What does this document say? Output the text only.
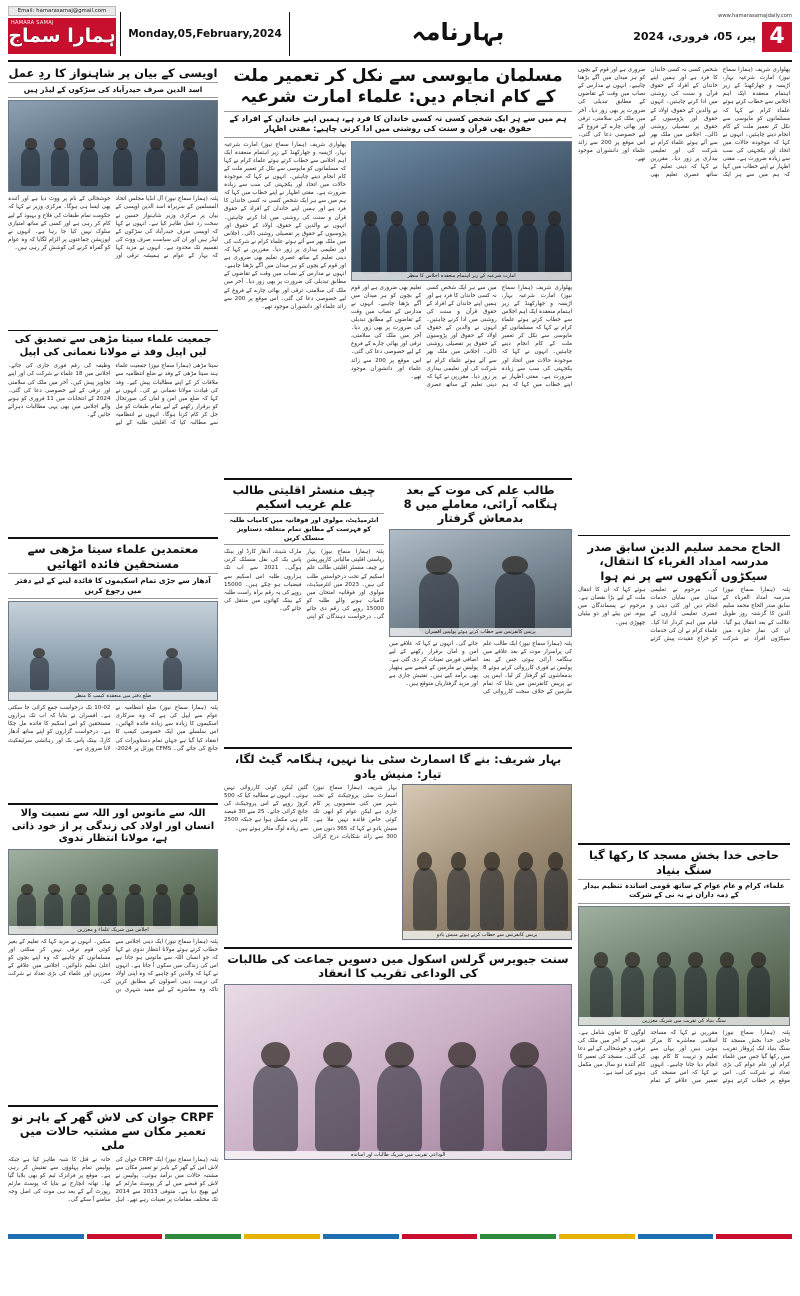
Email: hamarasamaj@gmail.com
HAMARA SAMAJ
ہمارا سماج	Monday,05,February,2024	بہارنامہ
www.hamarasamajdaily.com
پیر، 05، فروری، 2024 4
اویسی کے بیان پر شاہنواز کا ردِ عمل
اسد الدین صرف حیدرآباد کی سڑکوں کے لیڈر ہیں
پٹنہ (ہمارا سماج نیوز) آل انڈیا مجلس اتحاد المسلمین کے سربراہ اسد الدین اویسی کے بیان پر مرکزی وزیر شاہنواز حسین نے سخت رد عمل ظاہر کیا ہے۔ انہوں نے کہا کہ اویسی صرف حیدرآباد کی سڑکوں کے لیڈر ہیں اور ان کی سیاست صرف ووٹ کی تقسیم تک محدود ہے۔ انہوں نے مزید کہا کہ بہار کے عوام نے ہمیشہ ترقی اور خوشحالی کے نام پر ووٹ دیا ہے اور آئندہ بھی ایسا ہی ہوگا۔ مرکزی وزیر نے کہا کہ حکومت تمام طبقات کی فلاح و بہبود کے لیے کام کر رہی ہے اور کسی کے ساتھ امتیازی سلوک نہیں کیا جا رہا ہے۔ انہوں نے اپوزیشن جماعتوں پر الزام لگایا کہ وہ عوام کو گمراہ کرنے کی کوشش کر رہی ہیں۔
جمعیت علماء سیتا مڑھی سے تصدیق کی لیں اپیل وفد نے مولانا نعمانی کی اپیل
سیتا مڑھی (ہمارا سماج نیوز) جمعیت علماء ہند سیتا مڑھی کے وفد نے ضلع انتظامیہ سے ملاقات کر کے اپنے مطالبات پیش کیے۔ وفد کی قیادت مولانا نعمانی نے کی۔ انہوں نے کہا کہ ضلع میں امن و امان کی صورتحال کو برقرار رکھنے کے لیے تمام طبقات کو مل جل کر کام کرنا ہوگا۔ انہوں نے انتظامیہ سے مطالبہ کیا کہ اقلیتی طلبہ کے لیے وظیفہ کی رقم فوری جاری کی جائے۔ اجلاس میں 18 علماء نے شرکت کی اور اپنے تجاویز پیش کیں۔ آخر میں ملک کی سلامتی اور ترقی کے لیے خصوصی دعا کی گئی۔ 2024 کے انتخابات میں 11 فروری کو ہونے والے اجلاس میں بھی یہی مطالبات دہرائے جائیں گے۔
معتمدین علماء سیتا مڑھی سے مستحقین فائدہ اٹھائیں
آدھار سے جڑی تمام اسکیموں کا فائدہ لینے کے لیے دفتر میں رجوع کریں
ضلع دفتر میں منعقدہ کیمپ کا منظر
پٹنہ (ہمارا سماج نیوز) ضلع انتظامیہ نے عوام سے اپیل کی ہے کہ وہ سرکاری اسکیموں کا زیادہ سے زیادہ فائدہ اٹھائیں۔ اس سلسلے میں ایک خصوصی کیمپ کا انعقاد کیا گیا ہے جہاں تمام دستاویزات کی جانچ کی جائے گی۔ CFMS پورٹل پر 2024-02-10 تک درخواست جمع کرائی جا سکتی ہے۔ افسران نے بتایا کہ اب تک ہزاروں مستحقین کو اس اسکیم کا فائدہ مل چکا ہے۔ درخواست گزاروں کو اپنے ساتھ آدھار کارڈ، بینک پاس بک اور رہائشی سرٹیفکیٹ لانا ضروری ہے۔
اللہ سے مانوس اور اللہ سے نسبت والا انسان اور اولاد کی زندگی پر از خود ذاتی ہے، مولانا انتظار ندوی
اجلاس میں شریک علماء و معززین
پٹنہ (ہمارا سماج نیوز) ایک دینی اجلاس سے خطاب کرتے ہوئے مولانا انتظار ندوی نے کہا کہ جو انسان اللہ سے مانوس ہو جاتا ہے اس کی زندگی میں سکون آ جاتا ہے۔ انہوں نے کہا کہ والدین کو چاہیے کہ وہ اپنی اولاد کی تربیت دینی اصولوں کے مطابق کریں تاکہ وہ معاشرے کے لیے مفید شہری بن سکیں۔ انہوں نے مزید کہا کہ تعلیم کے بغیر کوئی قوم ترقی نہیں کر سکتی اور مسلمانوں کو چاہیے کہ وہ اپنے بچوں کو اعلیٰ تعلیم دلوائیں۔ اجلاس میں علاقے کے معززین اور علماء کی بڑی تعداد نے شرکت کی۔
CRPF جوان کی لاش گھر کے باہر نو تعمیر مکان سے مشتبہ حالات میں ملی
پٹنہ (ہمارا سماج نیوز) ایک CRPF جوان کی لاش اس کے گھر کے باہر نو تعمیر مکان سے مشتبہ حالات میں برآمد ہوئی۔ پولیس نے لاش کو قبضے میں لے کر پوسٹ مارٹم کے لیے بھیج دیا ہے۔ متوفی 2013 سے 2014 تک مختلف مقامات پر تعینات رہے تھے۔ اہل خانہ نے قتل کا شبہ ظاہر کیا ہے جبکہ پولیس تمام پہلوؤں سے تفتیش کر رہی ہے۔ موقع پر فرانزک ٹیم کو بھی بلایا گیا تھا۔ تھانہ انچارج نے بتایا کہ پوسٹ مارٹم رپورٹ آنے کے بعد ہی موت کی اصل وجہ سامنے آ سکے گی۔
مسلمان مایوسی سے نکل کر تعمیر ملت کے کام انجام دیں: علماء امارت شرعیہ
ہم میں سے ہر ایک شخص کسی نہ کسی خاندان کا فرد ہے، ہمیں اپنے خاندان کے افراد کے حقوق بھی قرآن و سنت کی روشنی میں ادا کرنی چاہیے: مفتی اظہار
پھلواری شریف (ہمارا سماج نیوز) امارت شرعیہ بہار، اڑیسہ و جھارکھنڈ کے زیر اہتمام منعقدہ ایک اہم اجلاس سے خطاب کرتے ہوئے علماء کرام نے کہا کہ مسلمانوں کو مایوسی سے نکل کر تعمیر ملت کے کام انجام دینے چاہئیں۔ انہوں نے کہا کہ موجودہ حالات میں اتحاد اور یکجہتی کی سب سے زیادہ ضرورت ہے۔ مفتی اظہار نے اپنے خطاب میں کہا کہ ہم میں سے ہر ایک شخص کسی نہ کسی خاندان کا فرد ہے اور ہمیں اپنے خاندان کے افراد کے حقوق قرآن و سنت کی روشنی میں ادا کرنے چاہئیں۔ انہوں نے والدین کے حقوق، اولاد کے حقوق اور پڑوسیوں کے حقوق پر تفصیلی روشنی ڈالی۔ اجلاس میں ملک بھر سے آئے ہوئے علماء کرام نے شرکت کی اور تعلیمی بیداری پر زور دیا۔ مقررین نے کہا کہ دینی تعلیم کے ساتھ عصری تعلیم بھی ضروری ہے اور قوم کے بچوں کو ہر میدان میں آگے بڑھنا چاہیے۔ انہوں نے مدارس کے نصاب میں وقت کے تقاضوں کے مطابق تبدیلی کی ضرورت پر بھی زور دیا۔ آخر میں ملک کی سلامتی، ترقی اور بھائی چارے کے فروغ کے لیے خصوصی دعا کی گئی۔ اس موقع پر 200 سے زائد علماء اور دانشوران موجود تھے۔
امارت شرعیہ کے زیر اہتمام منعقدہ اجلاس کا منظر
پھلواری شریف (ہمارا سماج نیوز) امارت شرعیہ بہار، اڑیسہ و جھارکھنڈ کے زیر اہتمام منعقدہ ایک اہم اجلاس سے خطاب کرتے ہوئے علماء کرام نے کہا کہ مسلمانوں کو مایوسی سے نکل کر تعمیر ملت کے کام انجام دینے چاہئیں۔ انہوں نے کہا کہ موجودہ حالات میں اتحاد اور یکجہتی کی سب سے زیادہ ضرورت ہے۔ مفتی اظہار نے اپنے خطاب میں کہا کہ ہم میں سے ہر ایک شخص کسی نہ کسی خاندان کا فرد ہے اور ہمیں اپنے خاندان کے افراد کے حقوق قرآن و سنت کی روشنی میں ادا کرنے چاہئیں۔ انہوں نے والدین کے حقوق، اولاد کے حقوق اور پڑوسیوں کے حقوق پر تفصیلی روشنی ڈالی۔ اجلاس میں ملک بھر سے آئے ہوئے علماء کرام نے شرکت کی اور تعلیمی بیداری پر زور دیا۔ مقررین نے کہا کہ دینی تعلیم کے ساتھ عصری تعلیم بھی ضروری ہے اور قوم کے بچوں کو ہر میدان میں آگے بڑھنا چاہیے۔ انہوں نے مدارس کے نصاب میں وقت کے تقاضوں کے مطابق تبدیلی کی ضرورت پر بھی زور دیا۔ آخر میں ملک کی سلامتی، ترقی اور بھائی چارے کے فروغ کے لیے خصوصی دعا کی گئی۔ اس موقع پر 200 سے زائد علماء اور دانشوران موجود تھے۔
چیف منسٹر اقلیتی طالب علم غریب اسکیم
انٹرمیڈیٹ، مولوی اور فوقانیہ میں کامیاب طلبہ کو فہرست کے مطابق تمام متعلقہ دستاویز منسلک کریں
پٹنہ (ہمارا سماج نیوز) بہار ریاستی اقلیتی مالیاتی کارپوریشن نے چیف منسٹر اقلیتی طالب علم اسکیم کے تحت درخواستیں طلب کی ہیں۔ 2023 میں انٹرمیڈیٹ، مولوی اور فوقانیہ امتحان میں کامیاب ہونے والے طلبہ کو 15000 روپے کی رقم دی جائے گی۔ درخواست دہندگان کو اپنی مارک شیٹ، آدھار کارڈ اور بینک پاس بک کی نقل منسلک کرنی ہوگی۔ 2021 سے اب تک ہزاروں طلبہ اس اسکیم سے فیضیاب ہو چکے ہیں۔ 15000 روپے کی یہ رقم براہ راست طلبہ کے بینک کھاتوں میں منتقل کی جائے گی۔
طالب علم کی موت کے بعد ہنگامہ آرائی، معاملے میں 8 بدمعاش گرفتار
پریس کانفرنس سے خطاب کرتے ہوئے پولیس افسران
پٹنہ (ہمارا سماج نیوز) ایک طالب علم کی پراسرار موت کے بعد علاقے میں ہنگامہ آرائی ہوئی جس کے بعد پولیس نے فوری کارروائی کرتے ہوئے 8 بدمعاشوں کو گرفتار کر لیا۔ ایس پی نے پریس کانفرنس میں بتایا کہ تمام ملزمین کے خلاف سخت کارروائی کی جائے گی۔ انہوں نے کہا کہ علاقے میں امن و امان برقرار رکھنے کے لیے اضافی فورس تعینات کر دی گئی ہے۔ پولیس نے ملزمین کے قبضے سے ہتھیار بھی برآمد کیے ہیں۔ تفتیش جاری ہے اور مزید گرفتاریاں متوقع ہیں۔
بہار شریف: بنے گا اسمارٹ سٹی بنا نہیں، ہنگامہ گیٹ لگا، تیار: منیش یادو
بہار شریف (ہمارا سماج نیوز) اسمارٹ سٹی پروجیکٹ کے تحت شہر میں کئی منصوبوں پر کام جاری ہے لیکن عوام کو ابھی تک کوئی خاص فائدہ نہیں ملا ہے۔ منیش یادو نے کہا کہ 365 دنوں میں 300 سے زائد شکایات درج کرائی گئیں لیکن کوئی کارروائی نہیں ہوئی۔ انہوں نے مطالبہ کیا کہ 500 کروڑ روپے کے اس پروجیکٹ کی جانچ کرائی جائے۔ 25 سے 30 فیصد کام ہی مکمل ہوا ہے جبکہ 2500 سے زیادہ لوگ متاثر ہوئے ہیں۔
پریس کانفرنس سے خطاب کرتے ہوئے منیش یادو
سنت جیویرس گرلس اسکول میں دسویں جماعت کی طالبات کی الوداعی تقریب کا انعقاد
الوداعی تقریب میں شریک طالبات اور اساتذہ
پھلواری شریف (ہمارا سماج نیوز) امارت شرعیہ بہار، اڑیسہ و جھارکھنڈ کے زیر اہتمام منعقدہ ایک اہم اجلاس سے خطاب کرتے ہوئے علماء کرام نے کہا کہ مسلمانوں کو مایوسی سے نکل کر تعمیر ملت کے کام انجام دینے چاہئیں۔ انہوں نے کہا کہ موجودہ حالات میں اتحاد اور یکجہتی کی سب سے زیادہ ضرورت ہے۔ مفتی اظہار نے اپنے خطاب میں کہا کہ ہم میں سے ہر ایک شخص کسی نہ کسی خاندان کا فرد ہے اور ہمیں اپنے خاندان کے افراد کے حقوق قرآن و سنت کی روشنی میں ادا کرنے چاہئیں۔ انہوں نے والدین کے حقوق، اولاد کے حقوق اور پڑوسیوں کے حقوق پر تفصیلی روشنی ڈالی۔ اجلاس میں ملک بھر سے آئے ہوئے علماء کرام نے شرکت کی اور تعلیمی بیداری پر زور دیا۔ مقررین نے کہا کہ دینی تعلیم کے ساتھ عصری تعلیم بھی ضروری ہے اور قوم کے بچوں کو ہر میدان میں آگے بڑھنا چاہیے۔ انہوں نے مدارس کے نصاب میں وقت کے تقاضوں کے مطابق تبدیلی کی ضرورت پر بھی زور دیا۔ آخر میں ملک کی سلامتی، ترقی اور بھائی چارے کے فروغ کے لیے خصوصی دعا کی گئی۔ اس موقع پر 200 سے زائد علماء اور دانشوران موجود تھے۔
الحاج محمد سلیم الدین سابق صدر مدرسہ امداد الغرباء کا انتقال، سیکڑوں آنکھوں سے پر نم ہوا
پٹنہ (ہمارا سماج نیوز) مدرسہ امداد الغرباء کے سابق صدر الحاج محمد سلیم الدین کا گزشتہ روز طویل علالت کے بعد انتقال ہو گیا۔ ان کی نماز جنازہ میں سیکڑوں افراد نے شرکت کی۔ مرحوم نے تعلیمی میدان میں نمایاں خدمات انجام دیں اور کئی دینی و عصری تعلیمی اداروں کے قیام میں اہم کردار ادا کیا۔ علماء کرام نے ان کی خدمات کو خراج عقیدت پیش کرتے ہوئے کہا کہ ان کا انتقال ملت کے لیے بڑا نقصان ہے۔ مرحوم نے پسماندگان میں بیوہ، تین بیٹے اور دو بیٹیاں چھوڑی ہیں۔
حاجی خدا بخش مسجد کا رکھا گیا سنگ بنیاد
علماء، کرام و عام عوام کے ساتھ قومی اساتذہ تنظیم بیدار کے ذمہ داران نے نہ نی کے شرکت
سنگ بنیاد کی تقریب میں شریک معززین
پٹنہ (ہمارا سماج نیوز) حاجی خدا بخش مسجد کا سنگ بنیاد ایک پُروقار تقریب میں رکھا گیا جس میں علماء کرام اور عام عوام کی بڑی تعداد نے شرکت کی۔ اس موقع پر خطاب کرتے ہوئے مقررین نے کہا کہ مساجد اسلامی معاشرے کا مرکز ہوتی ہیں اور یہاں سے تعلیم و تربیت کا کام بھی انجام دیا جانا چاہیے۔ انہوں نے کہا کہ اس مسجد کی تعمیر میں علاقے کے تمام لوگوں کا تعاون شامل ہے۔ تقریب کے آخر میں ملک کی ترقی و خوشحالی کے لیے دعا کی گئی۔ مسجد کی تعمیر کا کام آئندہ دو سال میں مکمل ہونے کی امید ہے۔
